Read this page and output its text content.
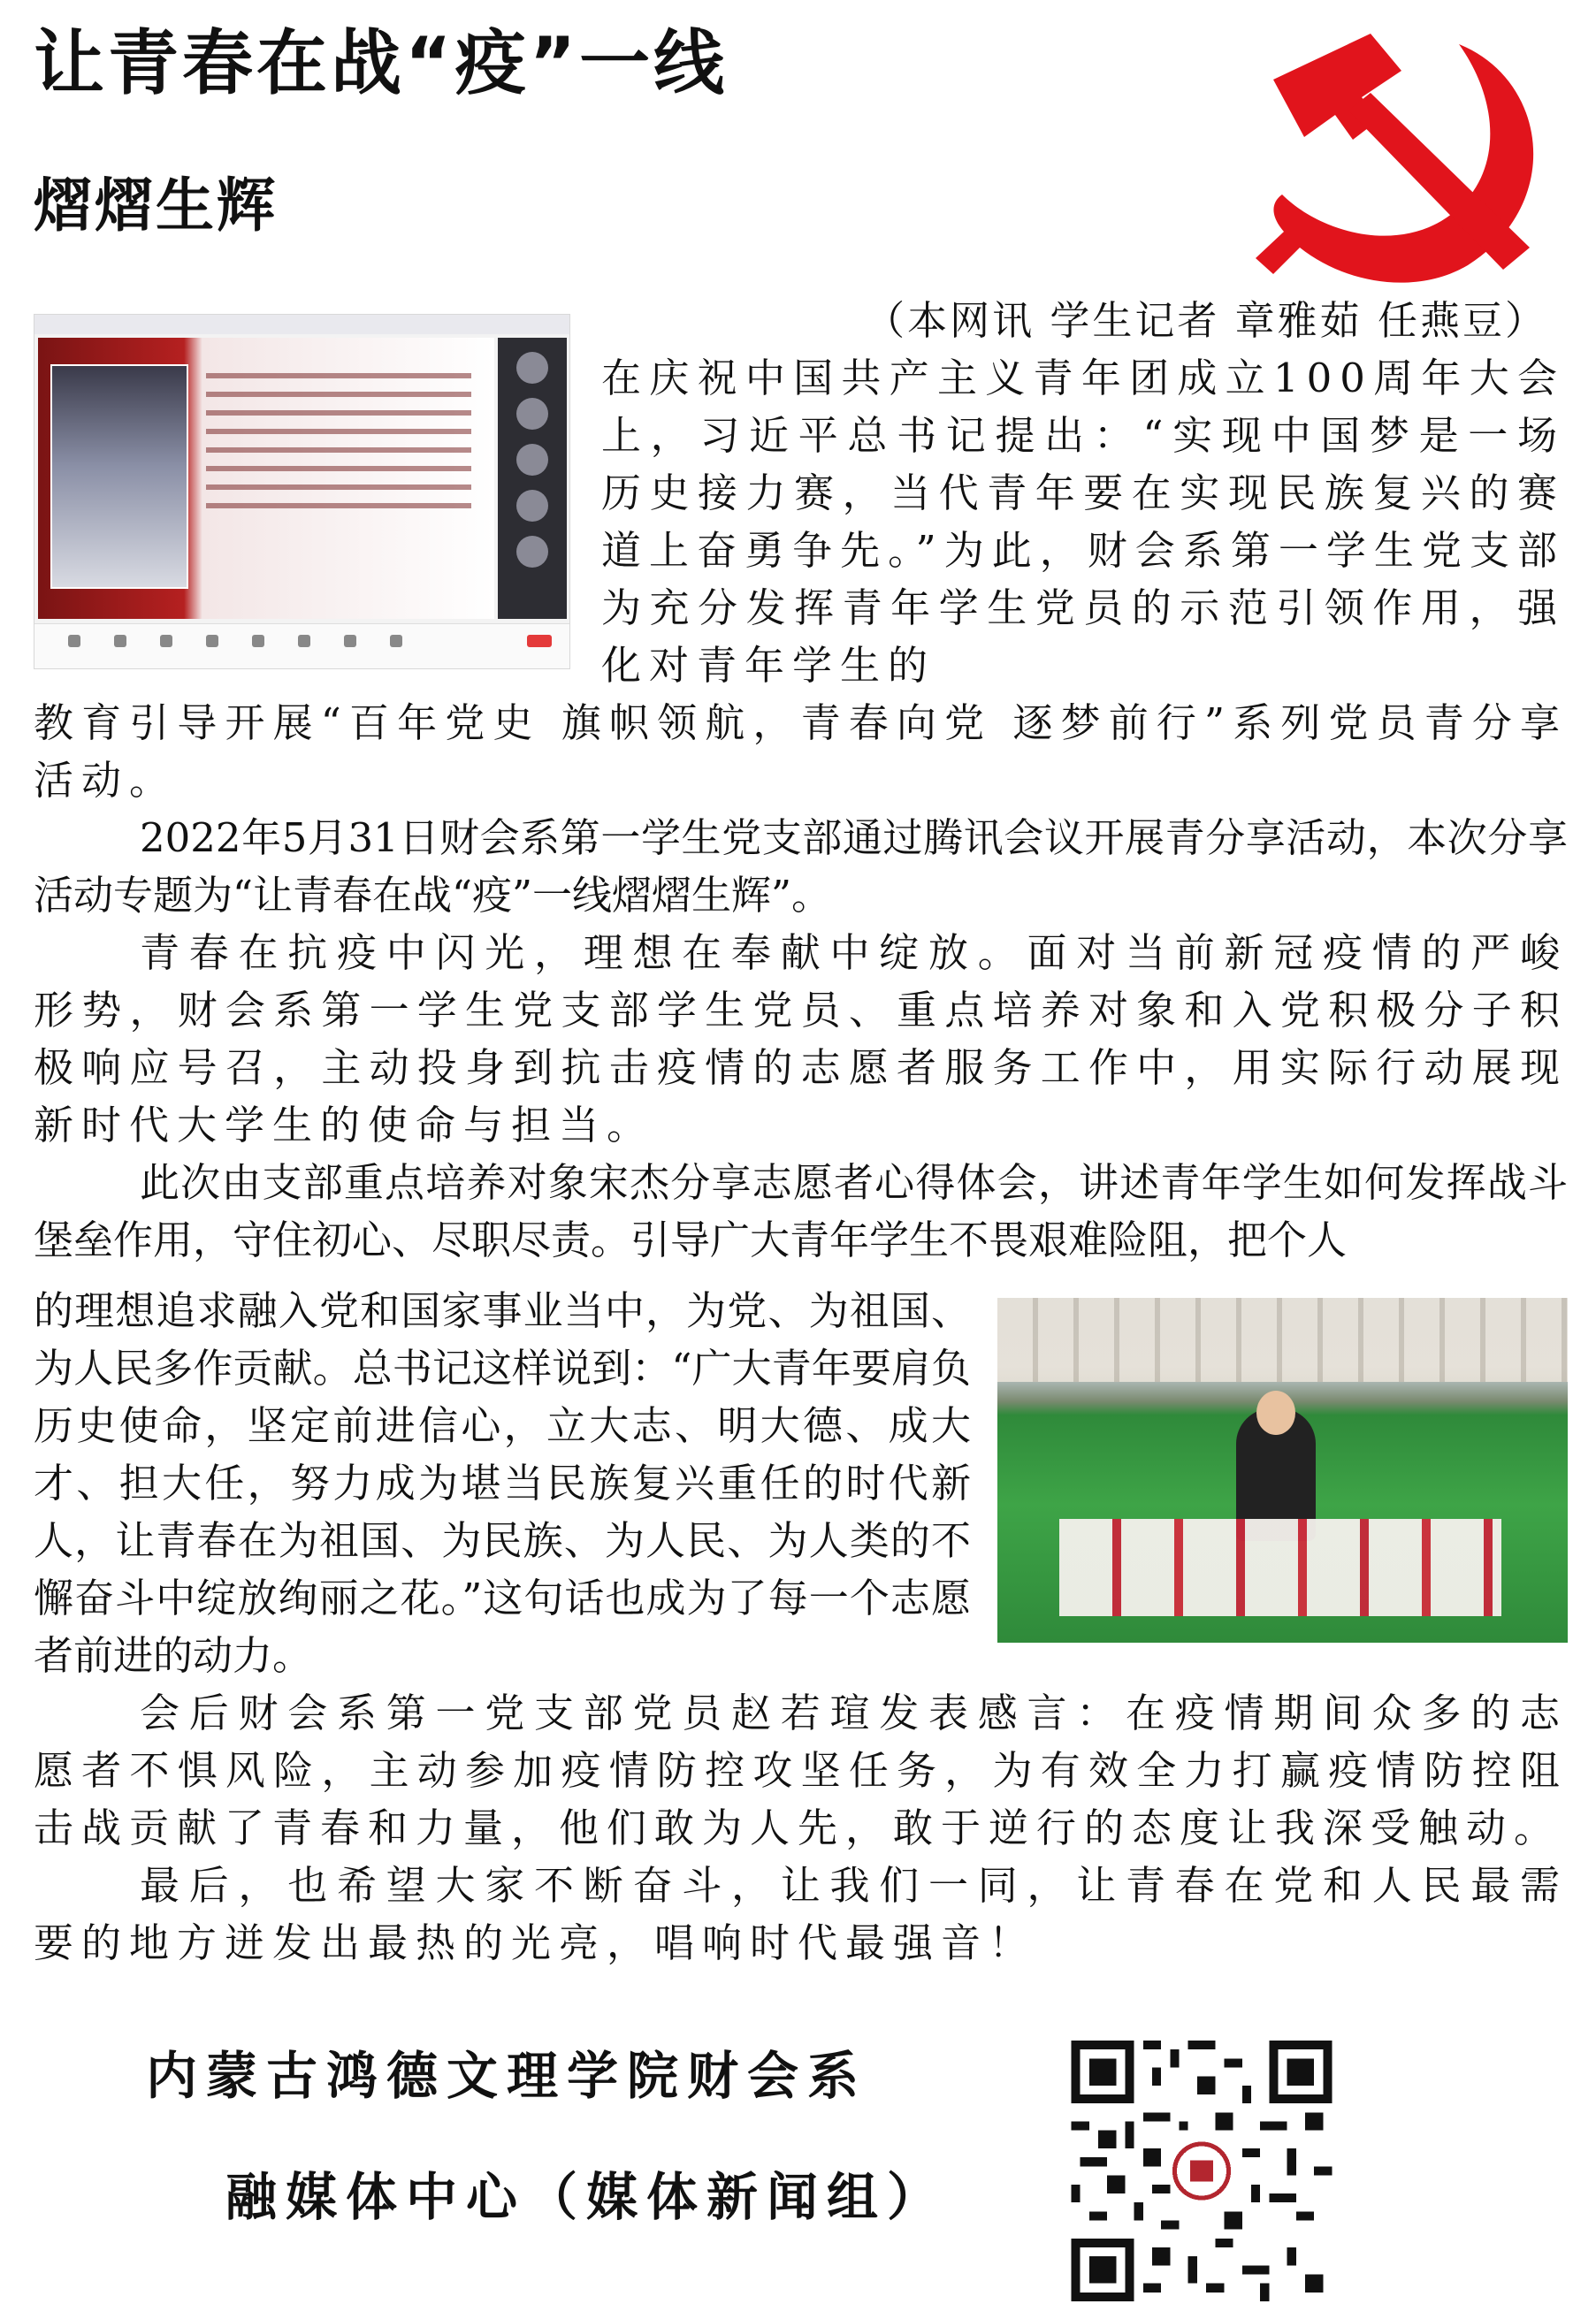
让青春在战“疫”一线
熠熠生辉

（本网讯 学生记者 章雅茹 任燕豆）

在庆祝中国共产主义青年团成立100周年大会上，习近平总书记提出：“实现中国梦是一场历史接力赛，当代青年要在实现民族复兴的赛道上奋勇争先。”为此，财会系第一学生党支部为充分发挥青年学生党员的示范引领作用，强化对青年学生的

教育引导开展“百年党史 旗帜领航，青春向党 逐梦前行”系列党员青分享活动。

2022年5月31日财会系第一学生党支部通过腾讯会议开展青分享活动，本次分享活动专题为“让青春在战“疫”一线熠熠生辉”。

青春在抗疫中闪光，理想在奉献中绽放。面对当前新冠疫情的严峻形势，财会系第一学生党支部学生党员、重点培养对象和入党积极分子积极响应号召，主动投身到抗击疫情的志愿者服务工作中，用实际行动展现新时代大学生的使命与担当。

此次由支部重点培养对象宋杰分享志愿者心得体会，讲述青年学生如何发挥战斗堡垒作用，守住初心、尽职尽责。引导广大青年学生不畏艰难险阻，把个人

的理想追求融入党和国家事业当中，为党、为祖国、为人民多作贡献。总书记这样说到：“广大青年要肩负历史使命，坚定前进信心，立大志、明大德、成大才、担大任，努力成为堪当民族复兴重任的时代新人，让青春在为祖国、为民族、为人民、为人类的不懈奋斗中绽放绚丽之花。”这句话也成为了每一个志愿者前进的动力。

会后财会系第一党支部党员赵若瑄发表感言：在疫情期间众多的志愿者不惧风险，主动参加疫情防控攻坚任务，为有效全力打赢疫情防控阻击战贡献了青春和力量，他们敢为人先，敢于逆行的态度让我深受触动。

最后，也希望大家不断奋斗，让我们一同，让青春在党和人民最需要的地方迸发出最热的光亮，唱响时代最强音！

内蒙古鸿德文理学院财会系

融媒体中心（媒体新闻组）
